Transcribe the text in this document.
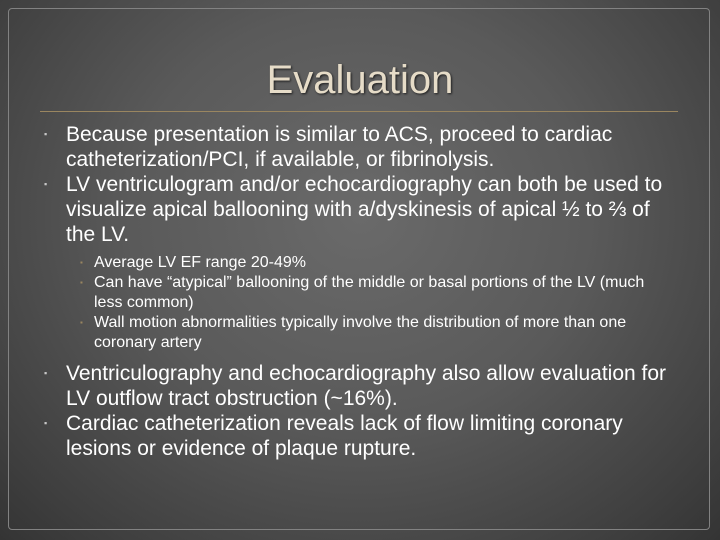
Evaluation
▪ Because presentation is similar to ACS, proceed to cardiac catheterization/PCI, if available, or fibrinolysis.
▪ LV ventriculogram and/or echocardiography can both be used to visualize apical ballooning with a/dyskinesis of apical ½ to ⅔ of the LV.
▪ Average LV EF range 20-49%
▪ Can have “atypical” ballooning of the middle or basal portions of the LV (much less common)
▪ Wall motion abnormalities typically involve the distribution of more than one coronary artery
▪ Ventriculography and echocardiography also allow evaluation for LV outflow tract obstruction (~16%).
▪ Cardiac catheterization reveals lack of flow limiting coronary lesions or evidence of plaque rupture.
